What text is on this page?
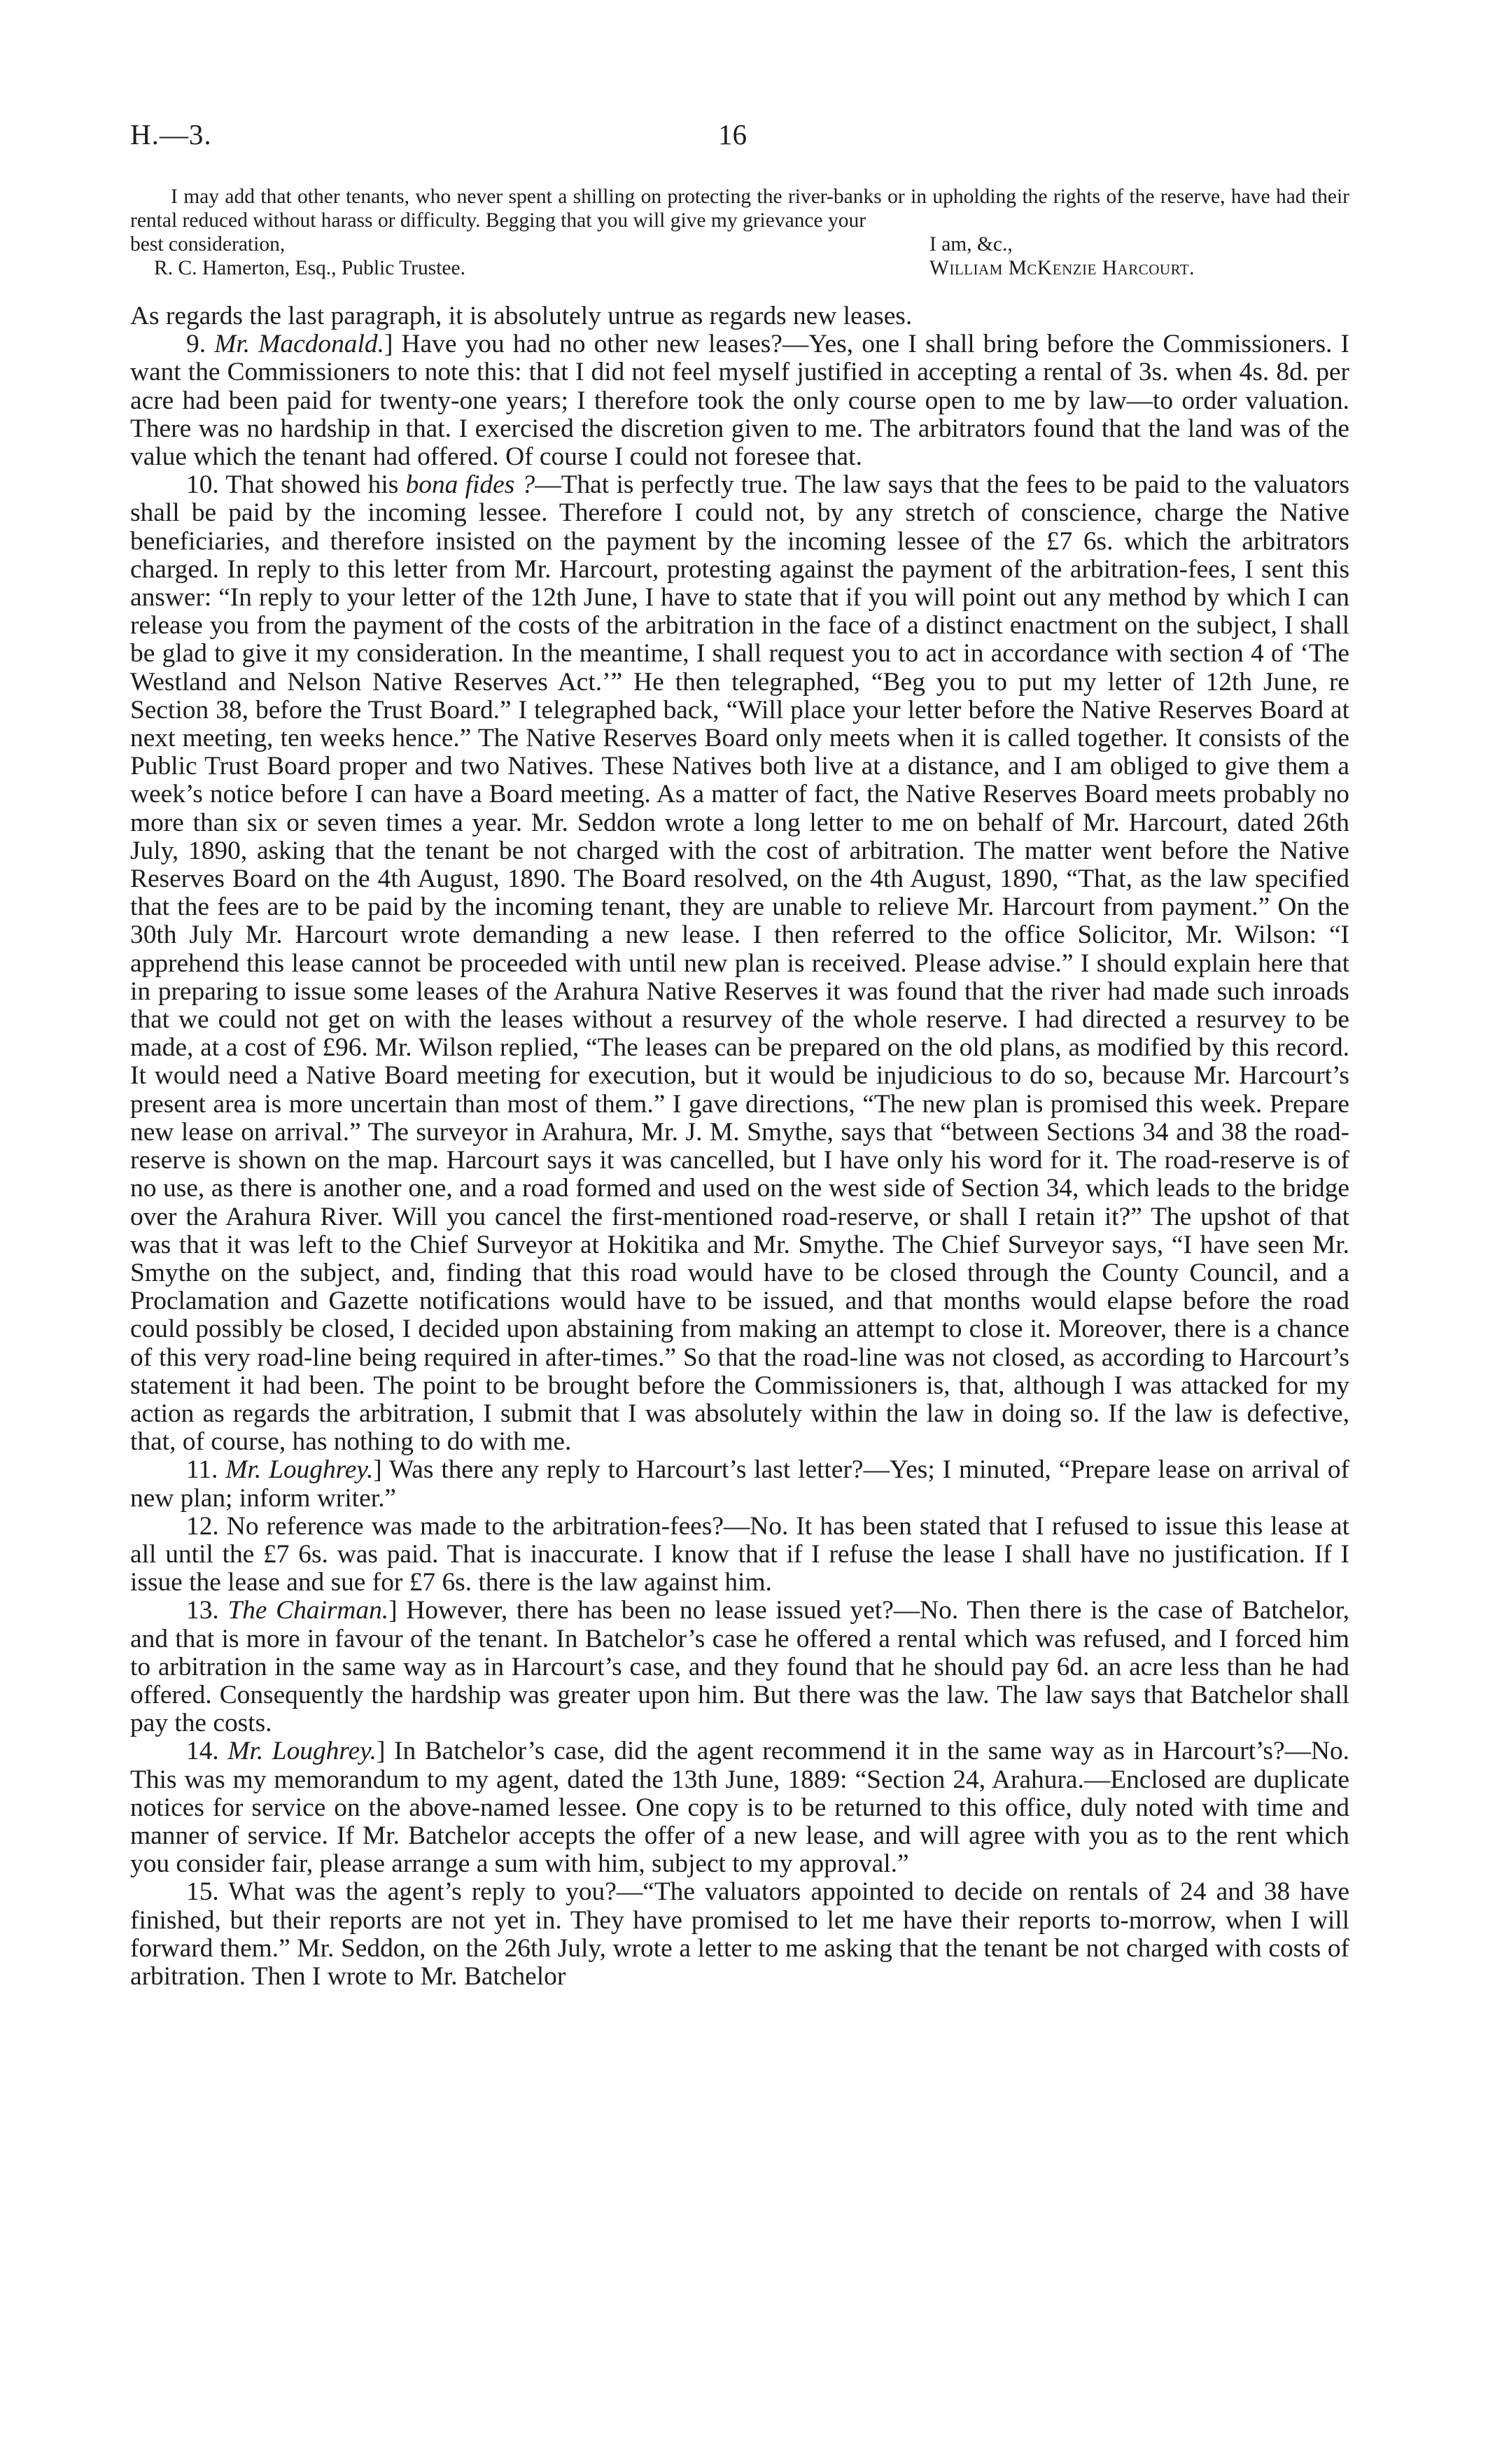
H.—3.	16

I may add that other tenants, who never spent a shilling on protecting the river-banks or in upholding the rights of the reserve, have had their rental reduced without harass or difficulty. Begging that you will give my grievance your

best consideration,	I am, &c.,
R. C. Hamerton, Esq., Public Trustee.	William McKenzie Harcourt.

As regards the last paragraph, it is absolutely untrue as regards new leases.

9. Mr. Macdonald.] Have you had no other new leases?—Yes, one I shall bring before the Commissioners. I want the Commissioners to note this: that I did not feel myself justified in accepting a rental of 3s. when 4s. 8d. per acre had been paid for twenty-one years; I therefore took the only course open to me by law—to order valuation. There was no hardship in that. I exercised the discretion given to me. The arbitrators found that the land was of the value which the tenant had offered. Of course I could not foresee that.

10. That showed his bona fides ?—That is perfectly true. The law says that the fees to be paid to the valuators shall be paid by the incoming lessee. Therefore I could not, by any stretch of conscience, charge the Native beneficiaries, and therefore insisted on the payment by the incoming lessee of the £7 6s. which the arbitrators charged. In reply to this letter from Mr. Harcourt, protesting against the payment of the arbitration-fees, I sent this answer: “In reply to your letter of the 12th June, I have to state that if you will point out any method by which I can release you from the payment of the costs of the arbitration in the face of a distinct enactment on the subject, I shall be glad to give it my consideration. In the meantime, I shall request you to act in accordance with section 4 of ‘The Westland and Nelson Native Reserves Act.’” He then telegraphed, “Beg you to put my letter of 12th June, re Section 38, before the Trust Board.” I telegraphed back, “Will place your letter before the Native Reserves Board at next meeting, ten weeks hence.” The Native Reserves Board only meets when it is called together. It consists of the Public Trust Board proper and two Natives. These Natives both live at a distance, and I am obliged to give them a week’s notice before I can have a Board meeting. As a matter of fact, the Native Reserves Board meets probably no more than six or seven times a year. Mr. Seddon wrote a long letter to me on behalf of Mr. Harcourt, dated 26th July, 1890, asking that the tenant be not charged with the cost of arbitration. The matter went before the Native Reserves Board on the 4th August, 1890. The Board resolved, on the 4th August, 1890, “That, as the law specified that the fees are to be paid by the incoming tenant, they are unable to relieve Mr. Harcourt from payment.” On the 30th July Mr. Harcourt wrote demanding a new lease. I then referred to the office Solicitor, Mr. Wilson: “I apprehend this lease cannot be proceeded with until new plan is received. Please advise.” I should explain here that in preparing to issue some leases of the Arahura Native Reserves it was found that the river had made such inroads that we could not get on with the leases without a resurvey of the whole reserve. I had directed a resurvey to be made, at a cost of £96. Mr. Wilson replied, “The leases can be prepared on the old plans, as modified by this record. It would need a Native Board meeting for execution, but it would be injudicious to do so, because Mr. Harcourt’s present area is more uncertain than most of them.” I gave directions, “The new plan is promised this week. Prepare new lease on arrival.” The surveyor in Arahura, Mr. J. M. Smythe, says that “between Sections 34 and 38 the road-reserve is shown on the map. Harcourt says it was cancelled, but I have only his word for it. The road-reserve is of no use, as there is another one, and a road formed and used on the west side of Section 34, which leads to the bridge over the Arahura River. Will you cancel the first-mentioned road-reserve, or shall I retain it?” The upshot of that was that it was left to the Chief Surveyor at Hokitika and Mr. Smythe. The Chief Surveyor says, “I have seen Mr. Smythe on the subject, and, finding that this road would have to be closed through the County Council, and a Proclamation and Gazette notifications would have to be issued, and that months would elapse before the road could possibly be closed, I decided upon abstaining from making an attempt to close it. Moreover, there is a chance of this very road-line being required in after-times.” So that the road-line was not closed, as according to Harcourt’s statement it had been. The point to be brought before the Commissioners is, that, although I was attacked for my action as regards the arbitration, I submit that I was absolutely within the law in doing so. If the law is defective, that, of course, has nothing to do with me.

11. Mr. Loughrey.] Was there any reply to Harcourt’s last letter?—Yes; I minuted, “Prepare lease on arrival of new plan; inform writer.”

12. No reference was made to the arbitration-fees?—No. It has been stated that I refused to issue this lease at all until the £7 6s. was paid. That is inaccurate. I know that if I refuse the lease I shall have no justification. If I issue the lease and sue for £7 6s. there is the law against him.

13. The Chairman.] However, there has been no lease issued yet?—No. Then there is the case of Batchelor, and that is more in favour of the tenant. In Batchelor’s case he offered a rental which was refused, and I forced him to arbitration in the same way as in Harcourt’s case, and they found that he should pay 6d. an acre less than he had offered. Consequently the hardship was greater upon him. But there was the law. The law says that Batchelor shall pay the costs.

14. Mr. Loughrey.] In Batchelor’s case, did the agent recommend it in the same way as in Harcourt’s?—No. This was my memorandum to my agent, dated the 13th June, 1889: “Section 24, Arahura.—Enclosed are duplicate notices for service on the above-named lessee. One copy is to be returned to this office, duly noted with time and manner of service. If Mr. Batchelor accepts the offer of a new lease, and will agree with you as to the rent which you consider fair, please arrange a sum with him, subject to my approval.”

15. What was the agent’s reply to you?—“The valuators appointed to decide on rentals of 24 and 38 have finished, but their reports are not yet in. They have promised to let me have their reports to-morrow, when I will forward them.” Mr. Seddon, on the 26th July, wrote a letter to me asking that the tenant be not charged with costs of arbitration. Then I wrote to Mr. Batchelor
